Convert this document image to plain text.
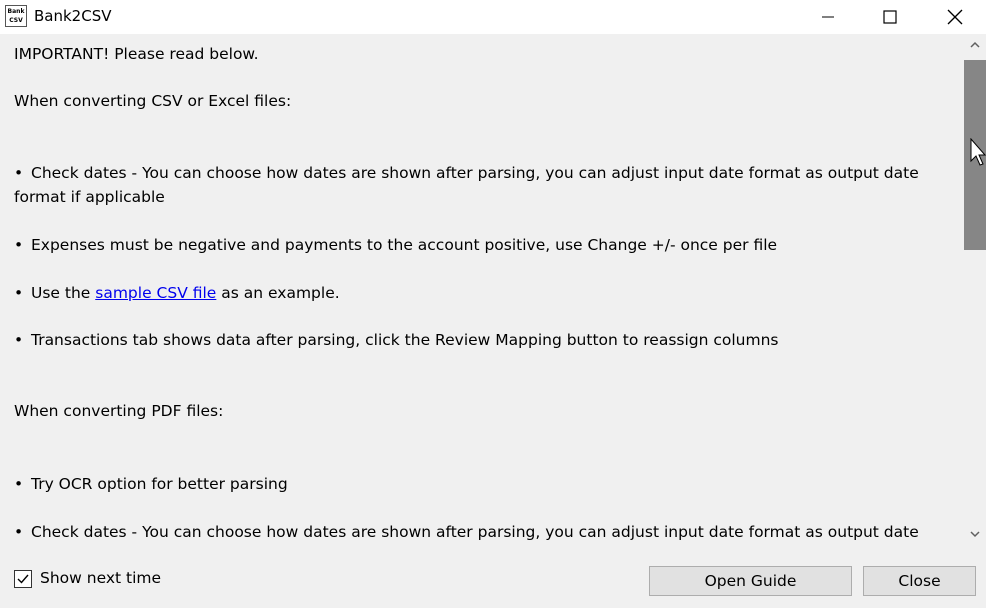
Bank
CSV Bank2CSV
IMPORTANT! Please read below.
When converting CSV or Excel files:
• Check dates - You can choose how dates are shown after parsing, you can adjust input date format as output date
format if applicable
• Expenses must be negative and payments to the account positive, use Change +/- once per file
• Use the sample CSV file as an example.
• Transactions tab shows data after parsing, click the Review Mapping button to reassign columns
When converting PDF files:
• Try OCR option for better parsing
• Check dates - You can choose how dates are shown after parsing, you can adjust input date format as output date
Show next time	Open Guide	Close
